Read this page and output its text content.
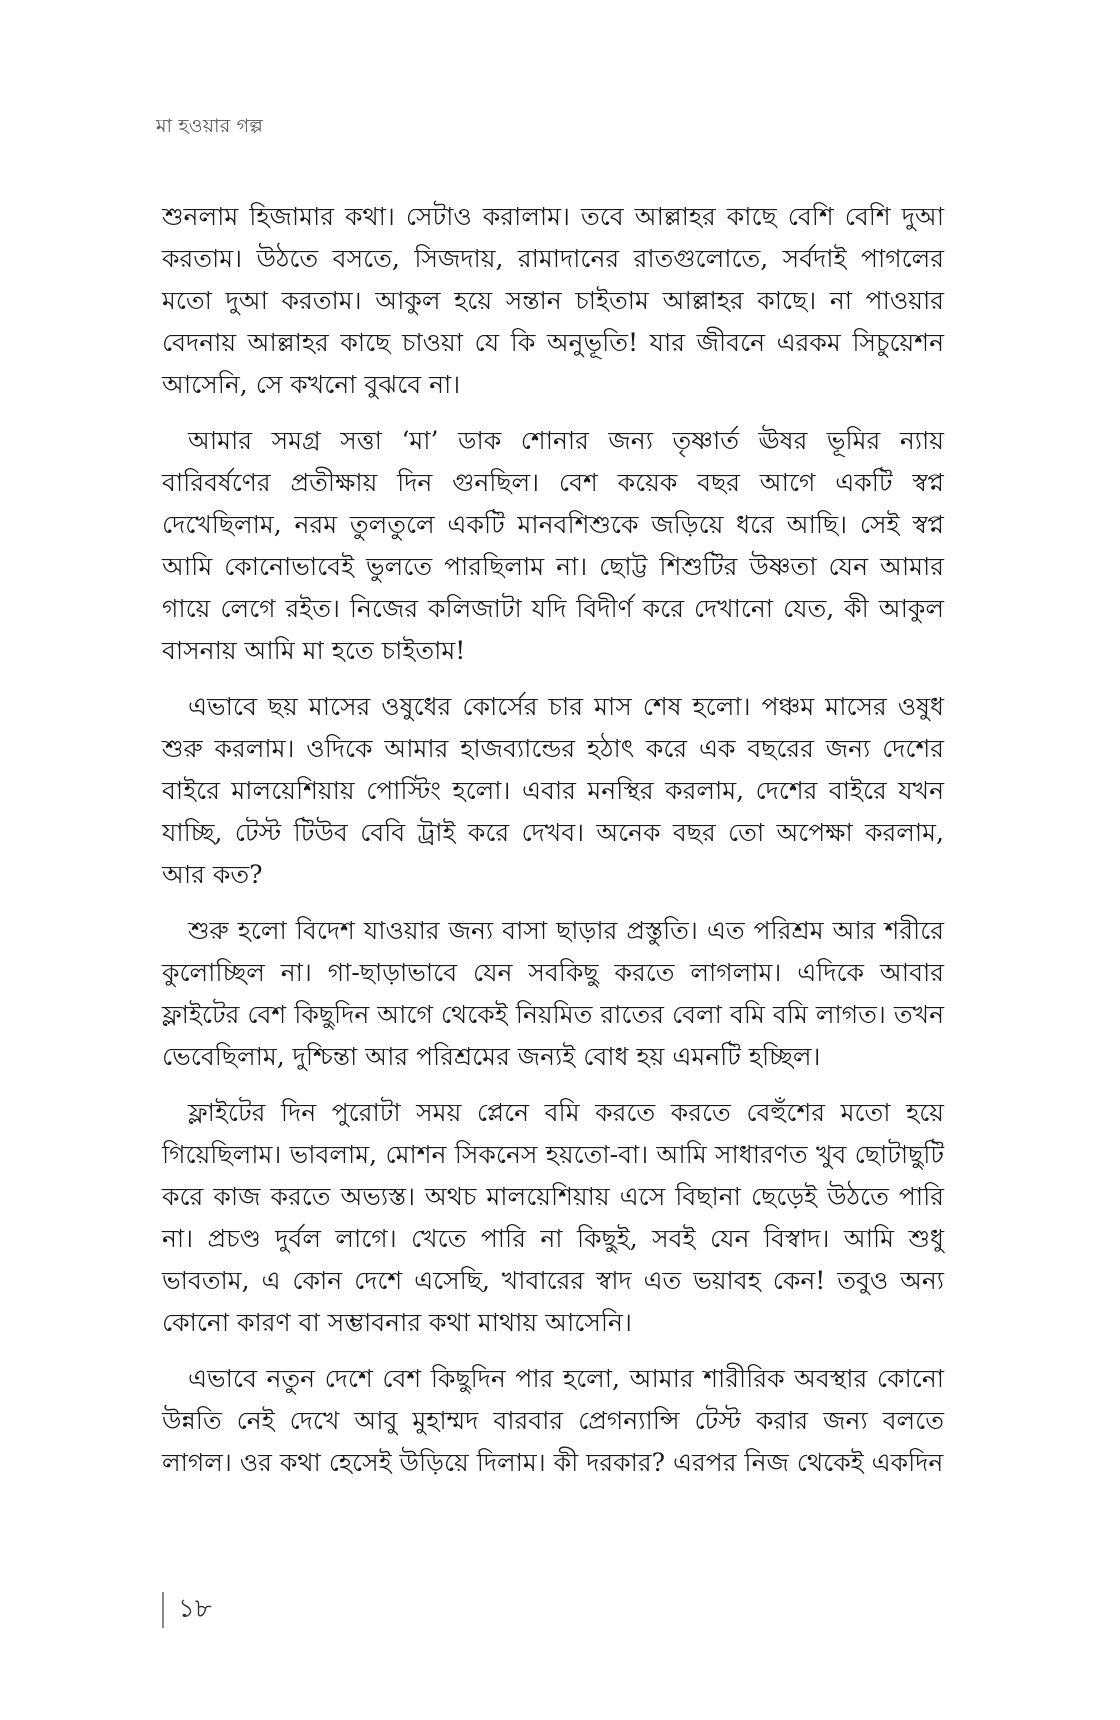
মা হওয়ার গল্প

শুনলাম হিজামার কথা। সেটাও করালাম। তবে আল্লাহর কাছে বেশি বেশি দুআ করতাম। উঠতে বসতে, সিজদায়, রামাদানের রাতগুলোতে, সর্বদাই পাগলের মতো দুআ করতাম। আকুল হয়ে সন্তান চাইতাম আল্লাহর কাছে। না পাওয়ার বেদনায় আল্লাহর কাছে চাওয়া যে কি অনুভূতি! যার জীবনে এরকম সিচুয়েশন আসেনি, সে কখনো বুঝবে না।

আমার সমগ্র সত্তা ‘মা’ ডাক শোনার জন্য তৃষ্ণার্ত ঊষর ভূমির ন্যায় বারিবর্ষণের প্রতীক্ষায় দিন গুনছিল। বেশ কয়েক বছর আগে একটি স্বপ্ন দেখেছিলাম, নরম তুলতুলে একটি মানবশিশুকে জড়িয়ে ধরে আছি। সেই স্বপ্ন আমি কোনোভাবেই ভুলতে পারছিলাম না। ছোট্ট শিশুটির উষ্ণতা যেন আমার গায়ে লেগে রইত। নিজের কলিজাটা যদি বিদীর্ণ করে দেখানো যেত, কী আকুল বাসনায় আমি মা হতে চাইতাম!

এভাবে ছয় মাসের ওষুধের কোর্সের চার মাস শেষ হলো। পঞ্চম মাসের ওষুধ শুরু করলাম। ওদিকে আমার হাজব্যান্ডের হঠাৎ করে এক বছরের জন্য দেশের বাইরে মালয়েশিয়ায় পোস্টিং হলো। এবার মনস্থির করলাম, দেশের বাইরে যখন যাচ্ছি, টেস্ট টিউব বেবি ট্রাই করে দেখব। অনেক বছর তো অপেক্ষা করলাম, আর কত?

শুরু হলো বিদেশ যাওয়ার জন্য বাসা ছাড়ার প্রস্তুতি। এত পরিশ্রম আর শরীরে কুলোচ্ছিল না। গা-ছাড়াভাবে যেন সবকিছু করতে লাগলাম। এদিকে আবার ফ্লাইটের বেশ কিছুদিন আগে থেকেই নিয়মিত রাতের বেলা বমি বমি লাগত। তখন ভেবেছিলাম, দুশ্চিন্তা আর পরিশ্রমের জন্যই বোধ হয় এমনটি হচ্ছিল।

ফ্লাইটের দিন পুরোটা সময় প্লেনে বমি করতে করতে বেহুঁশের মতো হয়ে গিয়েছিলাম। ভাবলাম, মোশন সিকনেস হয়তো-বা। আমি সাধারণত খুব ছোটাছুটি করে কাজ করতে অভ্যস্ত। অথচ মালয়েশিয়ায় এসে বিছানা ছেড়েই উঠতে পারি না। প্রচণ্ড দুর্বল লাগে। খেতে পারি না কিছুই, সবই যেন বিস্বাদ। আমি শুধু ভাবতাম, এ কোন দেশে এসেছি, খাবারের স্বাদ এত ভয়াবহ কেন! তবুও অন্য কোনো কারণ বা সম্ভাবনার কথা মাথায় আসেনি।

এভাবে নতুন দেশে বেশ কিছুদিন পার হলো, আমার শারীরিক অবস্থার কোনো উন্নতি নেই দেখে আবু মুহাম্মদ বারবার প্রেগন্যান্সি টেস্ট করার জন্য বলতে লাগল। ওর কথা হেসেই উড়িয়ে দিলাম। কী দরকার? এরপর নিজ থেকেই একদিন

১৮
